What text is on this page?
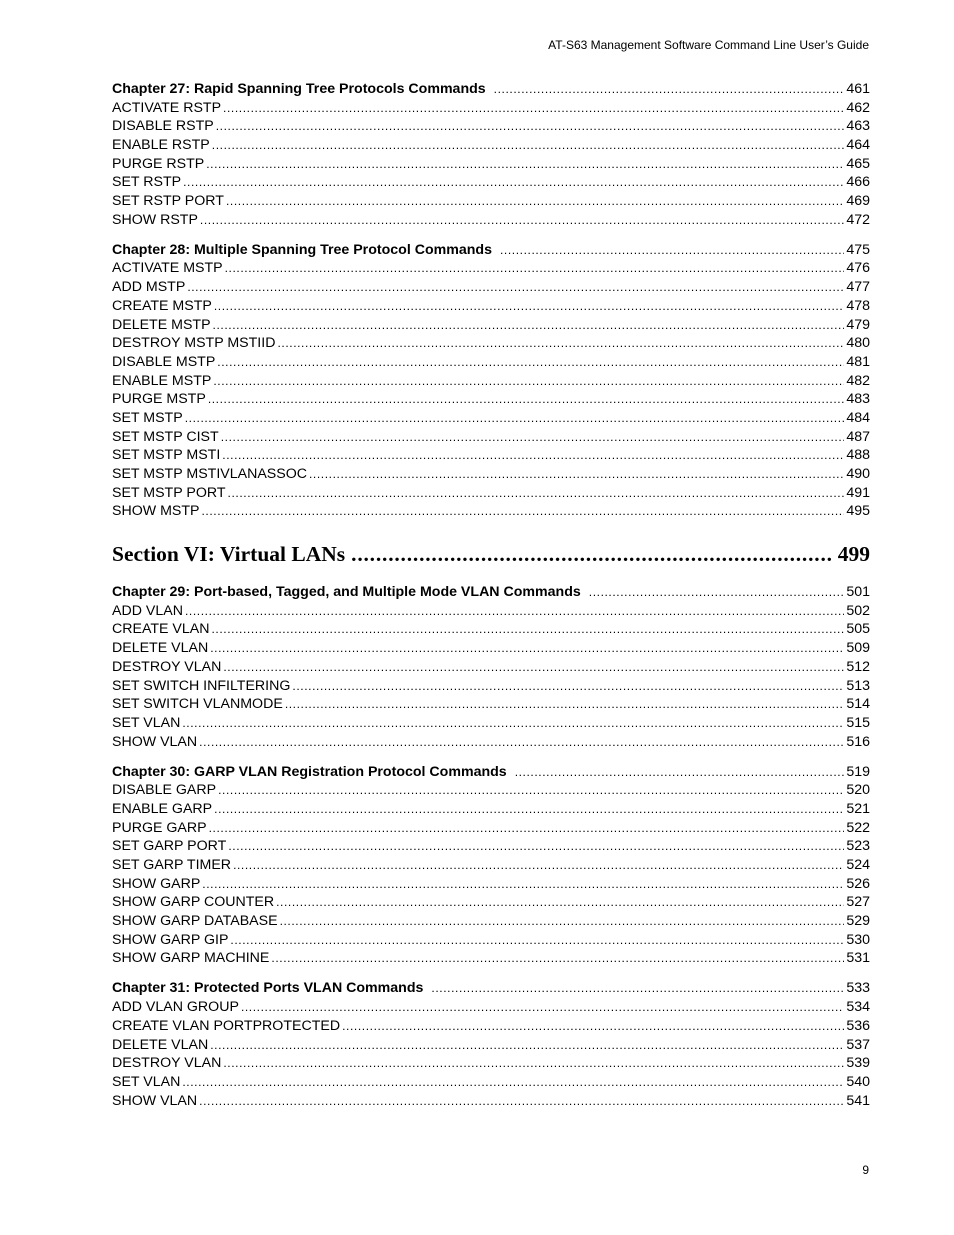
AT-S63 Management Software Command Line User’s Guide
Chapter 27: Rapid Spanning Tree Protocols Commands .....	461
ACTIVATE RSTP .....	462
DISABLE RSTP .....	463
ENABLE RSTP .....	464
PURGE RSTP .....	465
SET RSTP .....	466
SET RSTP PORT .....	469
SHOW RSTP .....	472
Chapter 28: Multiple Spanning Tree Protocol Commands .....	475
ACTIVATE MSTP .....	476
ADD MSTP .....	477
CREATE MSTP .....	478
DELETE MSTP .....	479
DESTROY MSTP MSTIID .....	480
DISABLE MSTP .....	481
ENABLE MSTP .....	482
PURGE MSTP .....	483
SET MSTP .....	484
SET MSTP CIST .....	487
SET MSTP MSTI .....	488
SET MSTP MSTIVLANASSOC .....	490
SET MSTP PORT .....	491
SHOW MSTP .....	495
Section VI: Virtual LANs .....	499
Chapter 29: Port-based, Tagged, and Multiple Mode VLAN Commands .....	501
ADD VLAN .....	502
CREATE VLAN .....	505
DELETE VLAN .....	509
DESTROY VLAN .....	512
SET SWITCH INFILTERING .....	513
SET SWITCH VLANMODE .....	514
SET VLAN .....	515
SHOW VLAN .....	516
Chapter 30: GARP VLAN Registration Protocol Commands .....	519
DISABLE GARP .....	520
ENABLE GARP .....	521
PURGE GARP .....	522
SET GARP PORT .....	523
SET GARP TIMER .....	524
SHOW GARP .....	526
SHOW GARP COUNTER .....	527
SHOW GARP DATABASE .....	529
SHOW GARP GIP .....	530
SHOW GARP MACHINE .....	531
Chapter 31: Protected Ports VLAN Commands .....	533
ADD VLAN GROUP .....	534
CREATE VLAN PORTPROTECTED .....	536
DELETE VLAN .....	537
DESTROY VLAN .....	539
SET VLAN .....	540
SHOW VLAN .....	541
9
